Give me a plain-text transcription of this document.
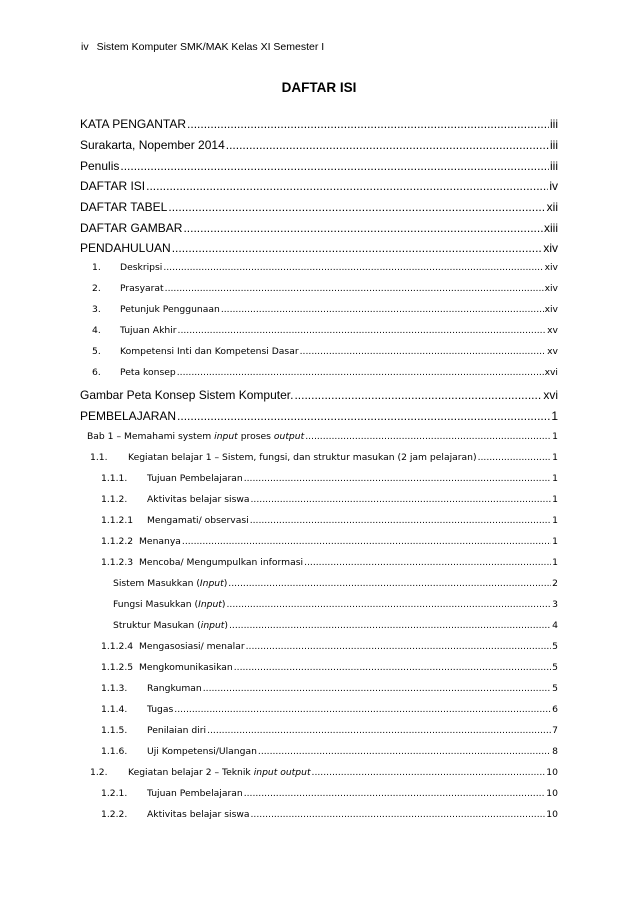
iv Sistem Komputer SMK/MAK Kelas XI Semester I
DAFTAR ISI
KATA PENGANTAR .....	iii
Surakarta, Nopember 2014 .....	iii
Penulis .....	iii
DAFTAR ISI .....	iv
DAFTAR TABEL .....	xii
DAFTAR GAMBAR .....	xiii
PENDAHULUAN .....	xiv
1.	Deskripsi .....	xiv
2.	Prasyarat .....	xiv
3.	Petunjuk Penggunaan .....	xiv
4.	Tujuan Akhir .....	xv
5.	Kompetensi Inti dan Kompetensi Dasar .....	xv
6.	Peta konsep .....	xvi
Gambar Peta Konsep Sistem Komputer. .....	xvi
PEMBELAJARAN .....	1
Bab 1 – Memahami system input proses output .....	1
1.1.	Kegiatan belajar 1 – Sistem, fungsi, dan struktur masukan (2 jam pelajaran) .....	1
1.1.1.	Tujuan Pembelajaran .....	1
1.1.2.	Aktivitas belajar siswa .....	1
1.1.2.1	Mengamati/ observasi .....	1
1.1.2.2  Menanya .....	1
1.1.2.3  Mencoba/ Mengumpulkan informasi .....	1
Sistem Masukkan (Input) .....	2
Fungsi Masukkan (Input) .....	3
Struktur Masukan (input) .....	4
1.1.2.4  Mengasosiasi/ menalar .....	5
1.1.2.5  Mengkomunikasikan .....	5
1.1.3.	Rangkuman .....	5
1.1.4.	Tugas .....	6
1.1.5.	Penilaian diri .....	7
1.1.6.	Uji Kompetensi/Ulangan .....	8
1.2.	Kegiatan belajar 2 – Teknik input output .....	10
1.2.1.	Tujuan Pembelajaran .....	10
1.2.2.	Aktivitas belajar siswa .....	10
